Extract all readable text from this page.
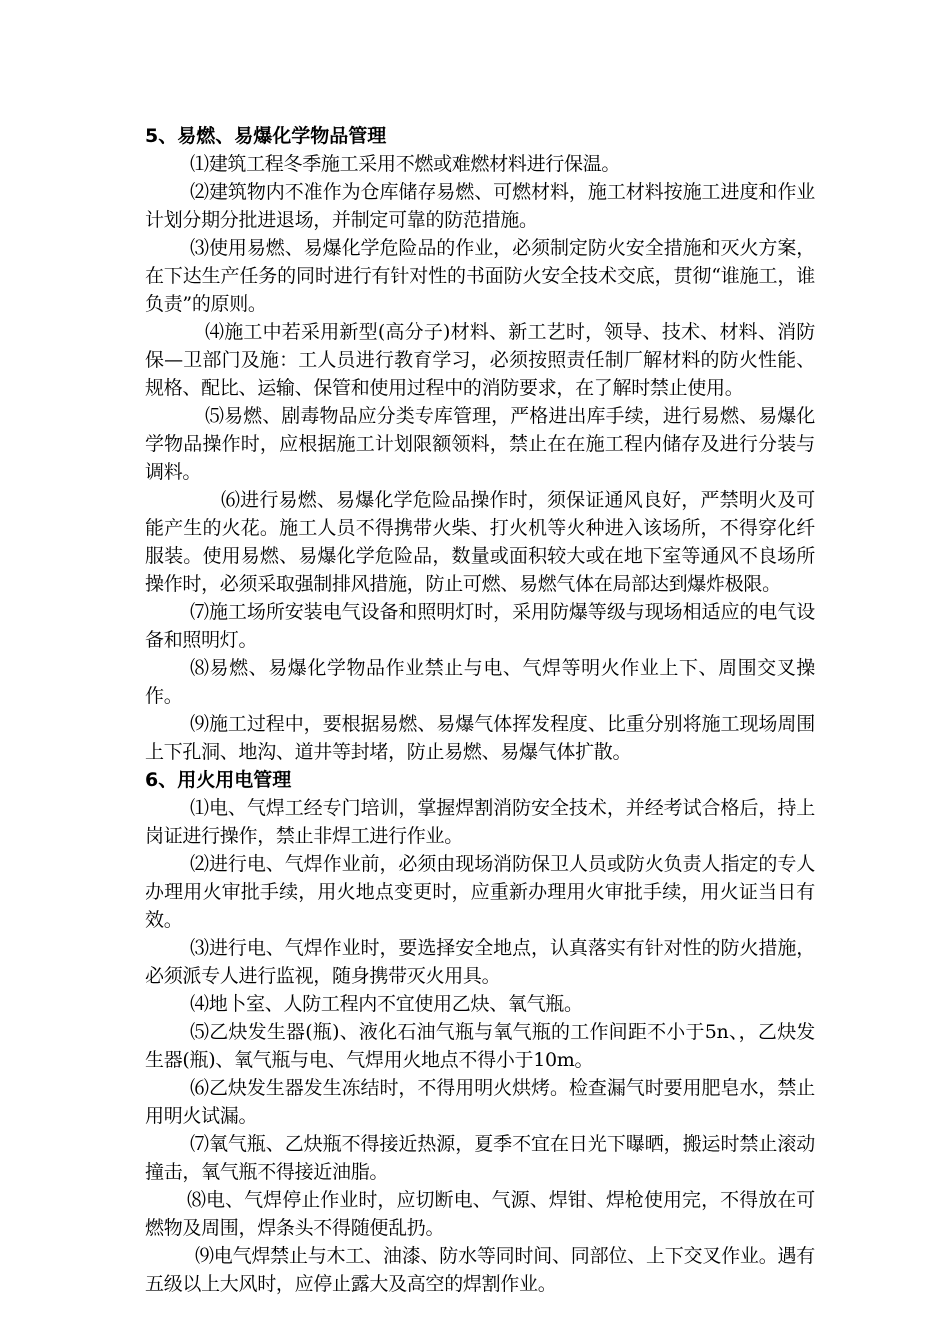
5、易燃、易爆化学物品管理

⑴建筑工程冬季施工采用不燃或难燃材料进行保温。

⑵建筑物内不准作为仓库储存易燃、可燃材料，施工材料按施工进度和作业计划分期分批进退场，并制定可靠的防范措施。

⑶使用易燃、易爆化学危险品的作业，必须制定防火安全措施和灭火方案，在下达生产任务的同时进行有针对性的书面防火安全技术交底，贯彻“谁施工，谁负责”的原则。

⑷施工中若采用新型(高分子)材料、新工艺时，领导、技术、材料、消防保—卫部门及施：工人员进行教育学习，必须按照责任制厂解材料的防火性能、规格、配比、运输、保管和使用过程中的消防要求，在了解时禁止使用。

⑸易燃、剧毒物品应分类专库管理，严格进出库手续，进行易燃、易爆化学物品操作时，应根据施工计划限额领料，禁止在在施工程内储存及进行分装与调料。

⑹进行易燃、易爆化学危险品操作时，须保证通风良好，严禁明火及可能产生的火花。施工人员不得携带火柴、打火机等火种进入该场所，不得穿化纤服装。使用易燃、易爆化学危险品，数量或面积较大或在地下室等通风不良场所操作时，必须采取强制排风措施，防止可燃、易燃气体在局部达到爆炸极限。

⑺施工场所安装电气设备和照明灯时，采用防爆等级与现场相适应的电气设备和照明灯。

⑻易燃、易爆化学物品作业禁止与电、气焊等明火作业上下、周围交叉操作。

⑼施工过程中，要根据易燃、易爆气体挥发程度、比重分别将施工现场周围上下孔洞、地沟、道井等封堵，防止易燃、易爆气体扩散。

6、用火用电管理

⑴电、气焊工经专门培训，掌握焊割消防安全技术，并经考试合格后，持上岗证进行操作，禁止非焊工进行作业。

⑵进行电、气焊作业前，必须由现场消防保卫人员或防火负责人指定的专人办理用火审批手续，用火地点变更时，应重新办理用火审批手续，用火证当日有效。

⑶进行电、气焊作业时，要选择安全地点，认真落实有针对性的防火措施，必须派专人进行监视，随身携带灭火用具。

⑷地卜室、人防工程内不宜使用乙炔、氧气瓶。

⑸乙炔发生器(瓶)、液化石油气瓶与氧气瓶的工作间距不小于5n、，乙炔发生器(瓶)、氧气瓶与电、气焊用火地点不得小于10m。

⑹乙炔发生器发生冻结时，不得用明火烘烤。检查漏气时要用肥皂水，禁止用明火试漏。

⑺氧气瓶、乙炔瓶不得接近热源，夏季不宜在日光下曝晒，搬运时禁止滚动撞击，氧气瓶不得接近油脂。

⑻电、气焊停止作业时，应切断电、气源、焊钳、焊枪使用完，不得放在可燃物及周围，焊条头不得随便乱扔。

⑼电气焊禁止与木工、油漆、防水等同时间、同部位、上下交叉作业。遇有五级以上大风时，应停止露大及高空的焊割作业。
